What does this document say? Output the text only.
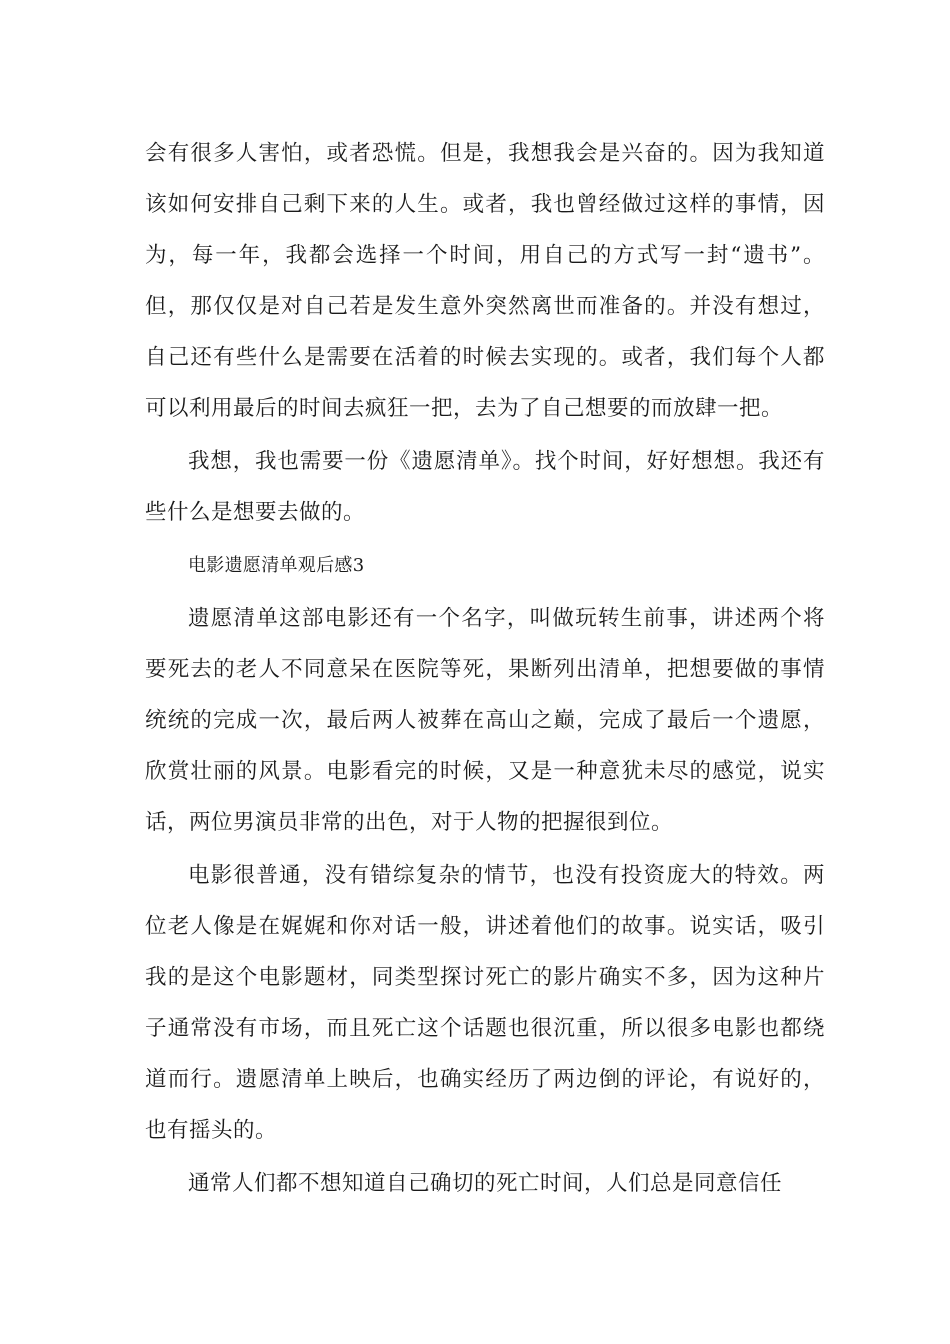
会有很多人害怕，或者恐慌。但是，我想我会是兴奋的。因为我知道该如何安排自己剩下来的人生。或者，我也曾经做过这样的事情，因为，每一年，我都会选择一个时间，用自己的方式写一封“遗书”。但，那仅仅是对自己若是发生意外突然离世而准备的。并没有想过，自己还有些什么是需要在活着的时候去实现的。或者，我们每个人都可以利用最后的时间去疯狂一把，去为了自己想要的而放肆一把。

我想，我也需要一份《遗愿清单》。找个时间，好好想想。我还有些什么是想要去做的。

电影遗愿清单观后感3

遗愿清单这部电影还有一个名字，叫做玩转生前事，讲述两个将要死去的老人不同意呆在医院等死，果断列出清单，把想要做的事情统统的完成一次，最后两人被葬在高山之巅，完成了最后一个遗愿，欣赏壮丽的风景。电影看完的时候，又是一种意犹未尽的感觉，说实话，两位男演员非常的出色，对于人物的把握很到位。

电影很普通，没有错综复杂的情节，也没有投资庞大的特效。两位老人像是在娓娓和你对话一般，讲述着他们的故事。说实话，吸引我的是这个电影题材，同类型探讨死亡的影片确实不多，因为这种片子通常没有市场，而且死亡这个话题也很沉重，所以很多电影也都绕道而行。遗愿清单上映后，也确实经历了两边倒的评论，有说好的，也有摇头的。

通常人们都不想知道自己确切的死亡时间，人们总是同意信任
